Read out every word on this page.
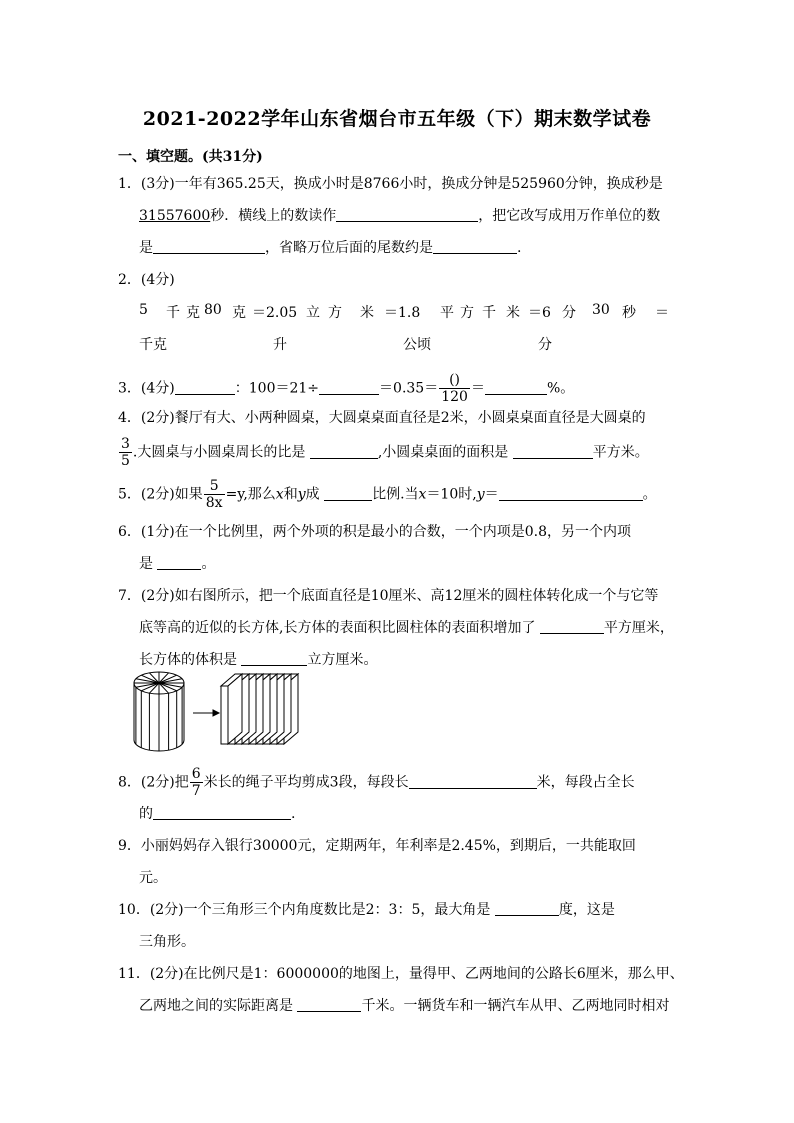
2021-2022学年山东省烟台市五年级（下）期末数学试卷
一、填空题。(共31分)
1．(3分)一年有365.25天，换成小时是8766小时，换成分钟是525960分钟，换成秒是
31557600秒．横线上的数读作	，把它改写成用万作单位的数
是	，省略万位后面的尾数约是	.
2．(4分)
5 千 克 80 克 ＝2.05 立 方 米 ＝1.8 平 方 千 米 ＝6 分 30 秒 ＝
千克	升	公顷	分
3．(4分)	：100＝21÷	$=0.35= \frac{()}{120}$ ＝	%。
4．(2分)餐厅有大、小两种圆桌，大圆桌桌面直径是2米，小圆桌桌面直径是大圆桌的
$\frac{3}{5}$ .大圆桌与小圆桌周长的比是	,小圆桌桌面的面积是	平方米。
5．(2分)如果 $\frac{5}{8x} =y$,那么x和y成	比例.当x＝10时,y＝	。
6．(1分)在一个比例里，两个外项的积是最小的合数，一个内项是0.8，另一个内项
是	。
7．(2分)如右图所示，把一个底面直径是10厘米、高12厘米的圆柱体转化成一个与它等
底等高的近似的长方体,长方体的表面积比圆柱体的表面积增加了	平方厘米，
长方体的体积是	立方厘米。
8．(2分)把 $\frac{6}{7}$ 米长的绳子平均剪成3段，每段长	米，每段占全长
的	.
9．小丽妈妈存入银行30000元，定期两年，年利率是2.45%，到期后，一共能取回
元。
10．(2分)一个三角形三个内角度数比是2：3：5，最大角是	度，这是
三角形。
11．(2分)在比例尺是1：6000000的地图上，量得甲、乙两地间的公路长6厘米，那么甲、
乙两地之间的实际距离是	千米。一辆货车和一辆汽车从甲、乙两地同时相对
